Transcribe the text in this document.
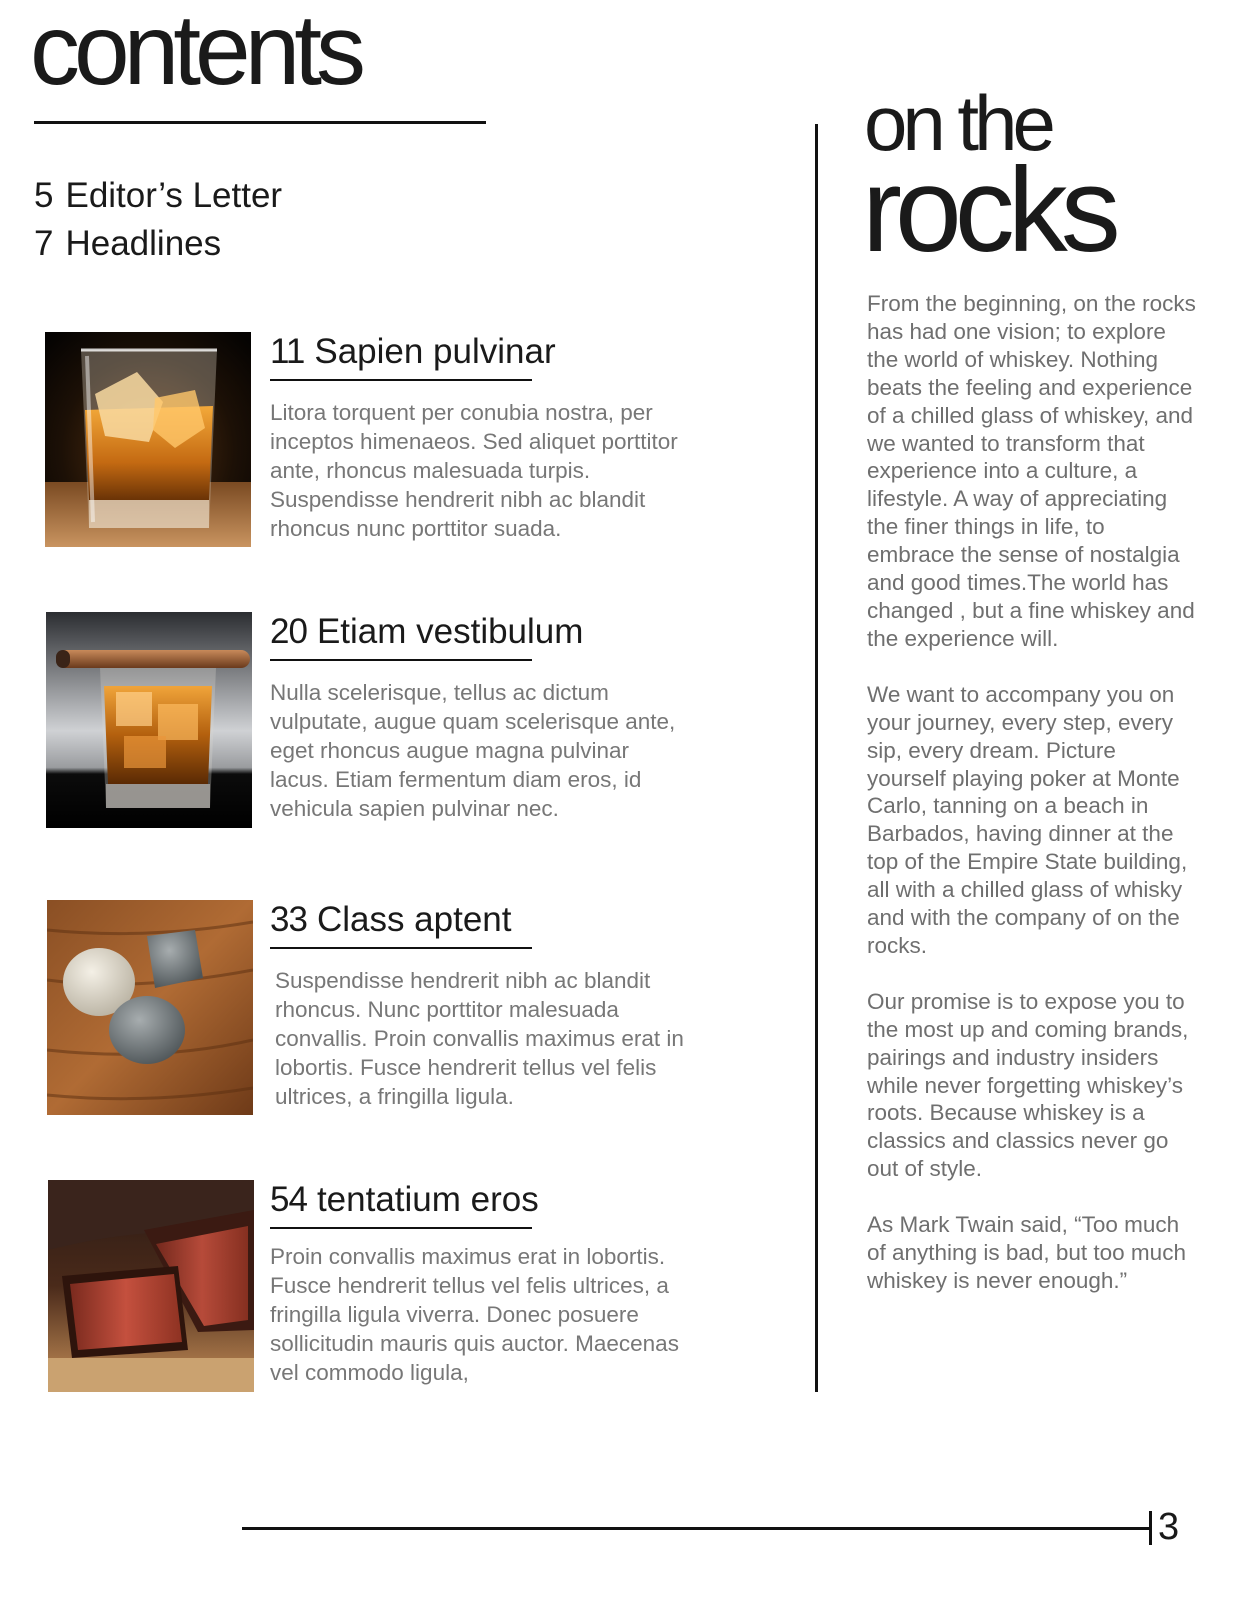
contents
5 Editor’s Letter
7 Headlines
11 Sapien pulvinar
Litora torquent per conubia nostra, per inceptos himenaeos. Sed aliquet porttitor ante, rhoncus malesuada turpis. Suspendisse hendrerit nibh ac blandit rhoncus nunc porttitor suada.
20 Etiam vestibulum
Nulla scelerisque, tellus ac dictum vulputate, augue quam scelerisque ante, eget rhoncus augue magna pulvinar lacus. Etiam fermentum diam eros, id vehicula sapien pulvinar nec.
33 Class aptent
Suspendisse hendrerit nibh ac blandit rhoncus. Nunc porttitor malesuada convallis. Proin convallis maximus erat in lobortis. Fusce hendrerit tellus vel felis ultrices, a fringilla ligula.
54 tentatium eros
Proin convallis maximus erat in lobortis. Fusce hendrerit tellus vel felis ultrices, a fringilla ligula viverra. Donec posuere sollicitudin mauris quis auctor. Maecenas vel commodo ligula,
on the
rocks

From the beginning, on the rocks has had one vision; to explore the world of whiskey. Nothing beats the feeling and experience of a chilled glass of whiskey, and we wanted to transform that experience into a culture, a lifestyle. A way of appreciating the finer things in life, to embrace the sense of nostalgia and good times.The world has changed , but a fine whiskey and the experience will.

We want to accompany you on your journey, every step, every sip, every dream. Picture yourself playing poker at Monte Carlo, tanning on a beach in Barbados, having dinner at the top of the Empire State building, all with a chilled glass of whisky and with the company of on the rocks.

Our promise is to expose you to the most up and coming brands, pairings and industry insiders while never forgetting whiskey’s roots. Because whiskey is a classics and classics never go out of style.

As Mark Twain said, “Too much of anything is bad, but too much whiskey is never enough.”

3
